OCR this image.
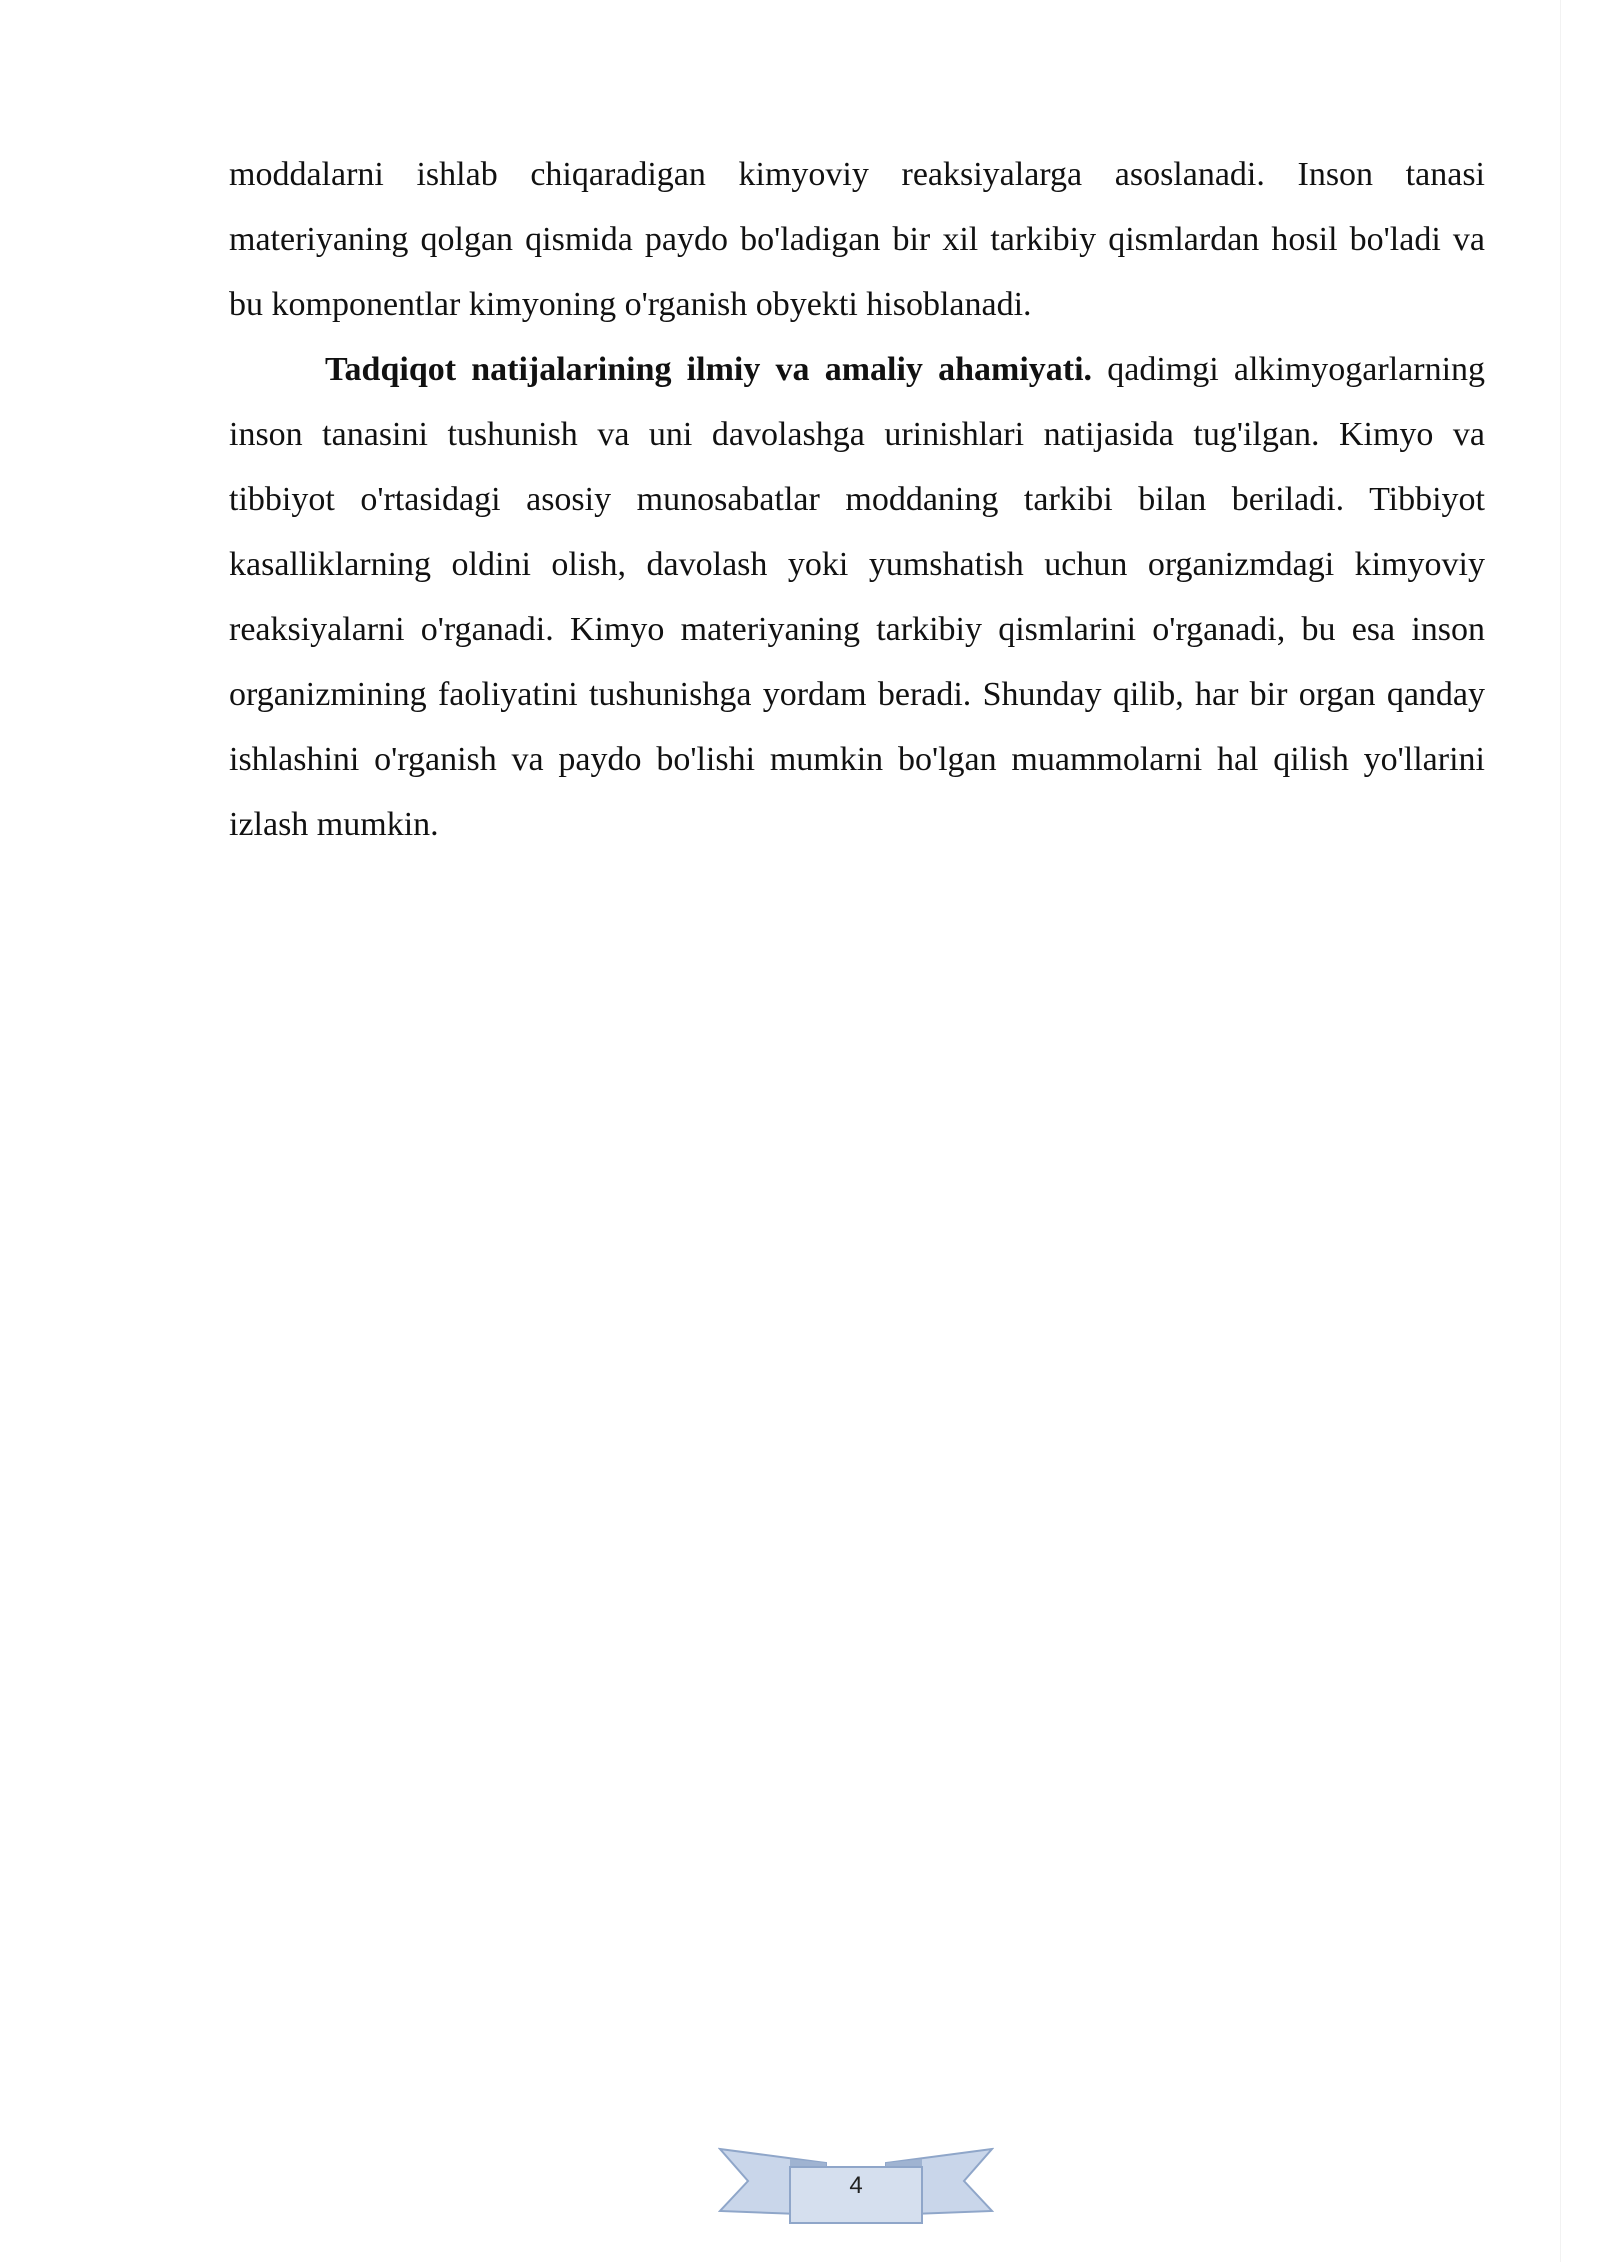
moddalarni ishlab chiqaradigan kimyoviy reaksiyalarga asoslanadi. Inson tanasi materiyaning qolgan qismida paydo bo'ladigan bir xil tarkibiy qismlardan hosil bo'ladi va bu komponentlar kimyoning o'rganish obyekti hisoblanadi.

Tadqiqot natijalarining ilmiy va amaliy ahamiyati. qadimgi alkimyogarlarning inson tanasini tushunish va uni davolashga urinishlari natijasida tug'ilgan. Kimyo va tibbiyot o'rtasidagi asosiy munosabatlar moddaning tarkibi bilan beriladi. Tibbiyot kasalliklarning oldini olish, davolash yoki yumshatish uchun organizmdagi kimyoviy reaksiyalarni o'rganadi. Kimyo materiyaning tarkibiy qismlarini o'rganadi, bu esa inson organizmining faoliyatini tushunishga yordam beradi. Shunday qilib, har bir organ qanday ishlashini o'rganish va paydo bo'lishi mumkin bo'lgan muammolarni hal qilish yo'llarini izlash mumkin.

4
